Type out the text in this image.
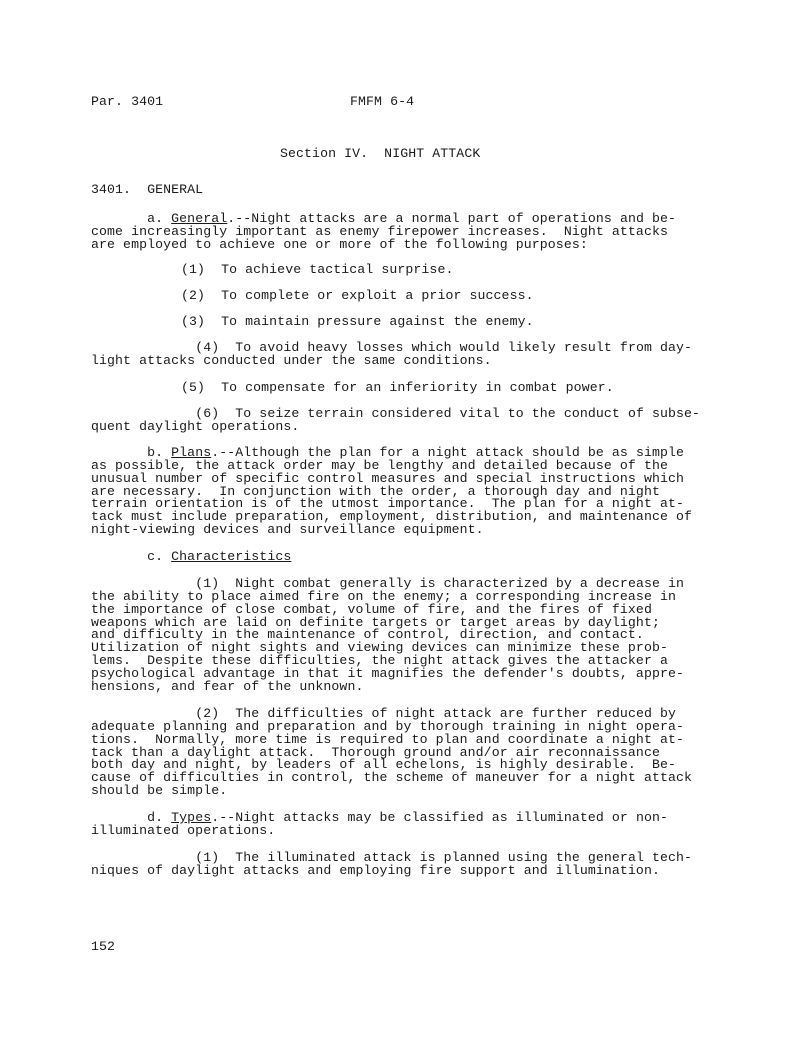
Par. 3401	FMFM 6-4
Section IV.  NIGHT ATTACK
3401.  GENERAL
a. General.--Night attacks are a normal part of operations and be-
come increasingly important as enemy firepower increases.  Night attacks
are employed to achieve one or more of the following purposes:
(1) To achieve tactical surprise.
(2) To complete or exploit a prior success.
(3) To maintain pressure against the enemy.
(4) To avoid heavy losses which would likely result from day-
light attacks conducted under the same conditions.
(5) To compensate for an inferiority in combat power.
(6) To seize terrain considered vital to the conduct of subse-
quent daylight operations.
b. Plans.--Although the plan for a night attack should be as simple
as possible, the attack order may be lengthy and detailed because of the
unusual number of specific control measures and special instructions which
are necessary.  In conjunction with the order, a thorough day and night
terrain orientation is of the utmost importance.  The plan for a night at-
tack must include preparation, employment, distribution, and maintenance of
night-viewing devices and surveillance equipment.
c. Characteristics
(1) Night combat generally is characterized by a decrease in
the ability to place aimed fire on the enemy; a corresponding increase in
the importance of close combat, volume of fire, and the fires of fixed
weapons which are laid on definite targets or target areas by daylight;
and difficulty in the maintenance of control, direction, and contact.
Utilization of night sights and viewing devices can minimize these prob-
lems.  Despite these difficulties, the night attack gives the attacker a
psychological advantage in that it magnifies the defender's doubts, appre-
hensions, and fear of the unknown.
(2) The difficulties of night attack are further reduced by
adequate planning and preparation and by thorough training in night opera-
tions.  Normally, more time is required to plan and coordinate a night at-
tack than a daylight attack.  Thorough ground and/or air reconnaissance
both day and night, by leaders of all echelons, is highly desirable.  Be-
cause of difficulties in control, the scheme of maneuver for a night attack
should be simple.
d. Types.--Night attacks may be classified as illuminated or non-
illuminated operations.
(1) The illuminated attack is planned using the general tech-
niques of daylight attacks and employing fire support and illumination.
152
